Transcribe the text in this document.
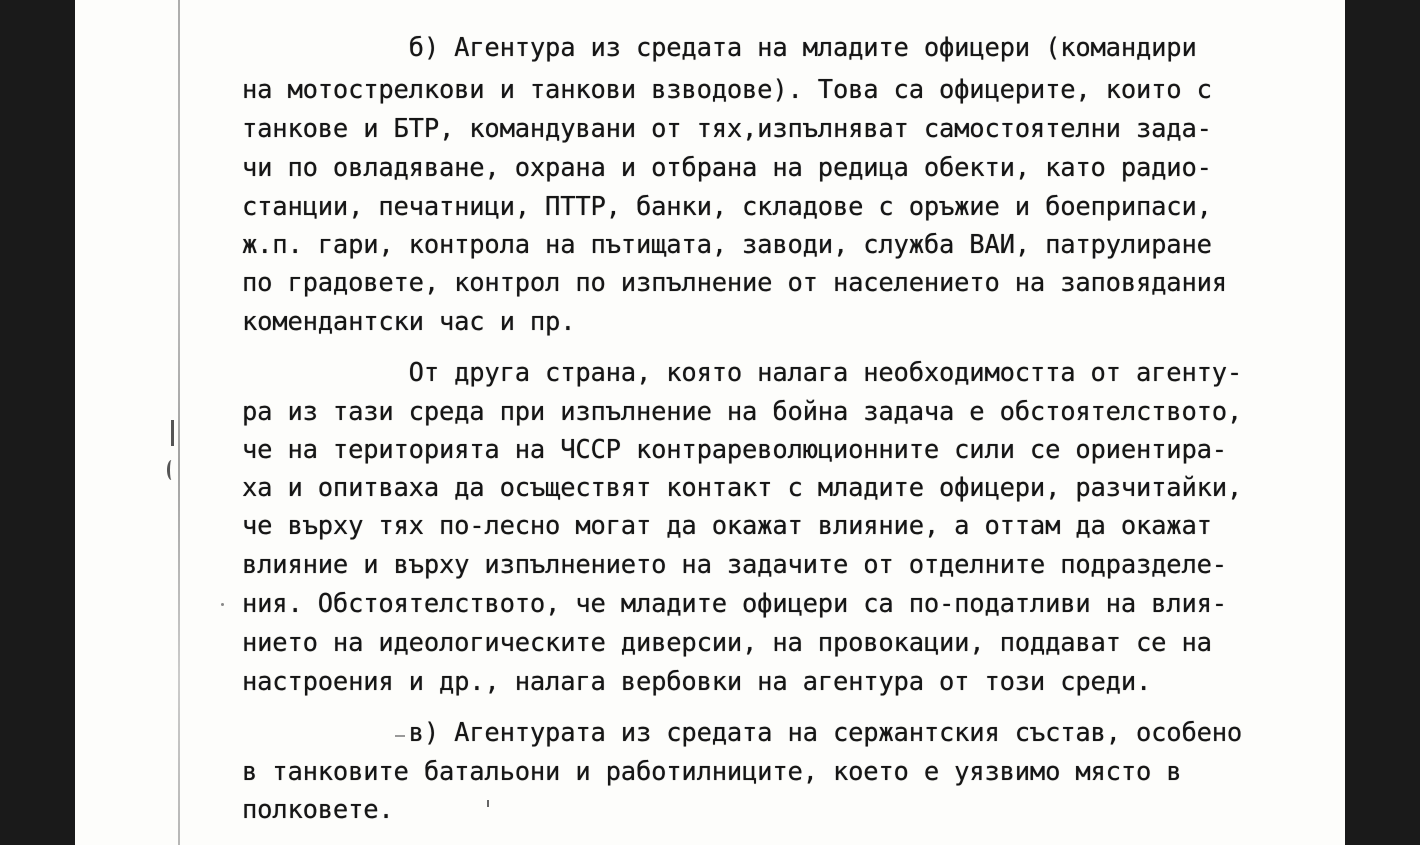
б) Агентура из средата на младите офицери (командири

на мотострелкови и танкови взводове). Това са офицерите, които с

танкове и БТР, командувани от тях,изпълняват самостоятелни зада-

чи по овладяване, охрана и отбрана на редица обекти, като радио-

станции, печатници, ПТТР, банки, складове с оръжие и боеприпаси,

ж.п. гари, контрола на пътищата, заводи, служба ВАИ, патрулиране

по градовете, контрол по изпълнение от населението на заповядания

комендантски час и пр.

От друга страна, която налага необходимостта от агенту-

ра из тази среда при изпълнение на бойна задача е обстоятелството,

че на територията на ЧССР контрареволюционните сили се ориентира-

ха и опитваха да осъществят контакт с младите офицери, разчитайки,

че върху тях по-лесно могат да окажат влияние, а оттам да окажат

влияние и върху изпълнението на задачите от отделните подразделе-

ния. Обстоятелството, че младите офицери са по-податливи на влия-

нието на идеологическите диверсии, на провокации, поддават се на

настроения и др., налага вербовки на агентура от този среди.

в) Агентурата из средата на сержантския състав, особено

в танковите батальони и работилниците, което е уязвимо място в

полковете.
